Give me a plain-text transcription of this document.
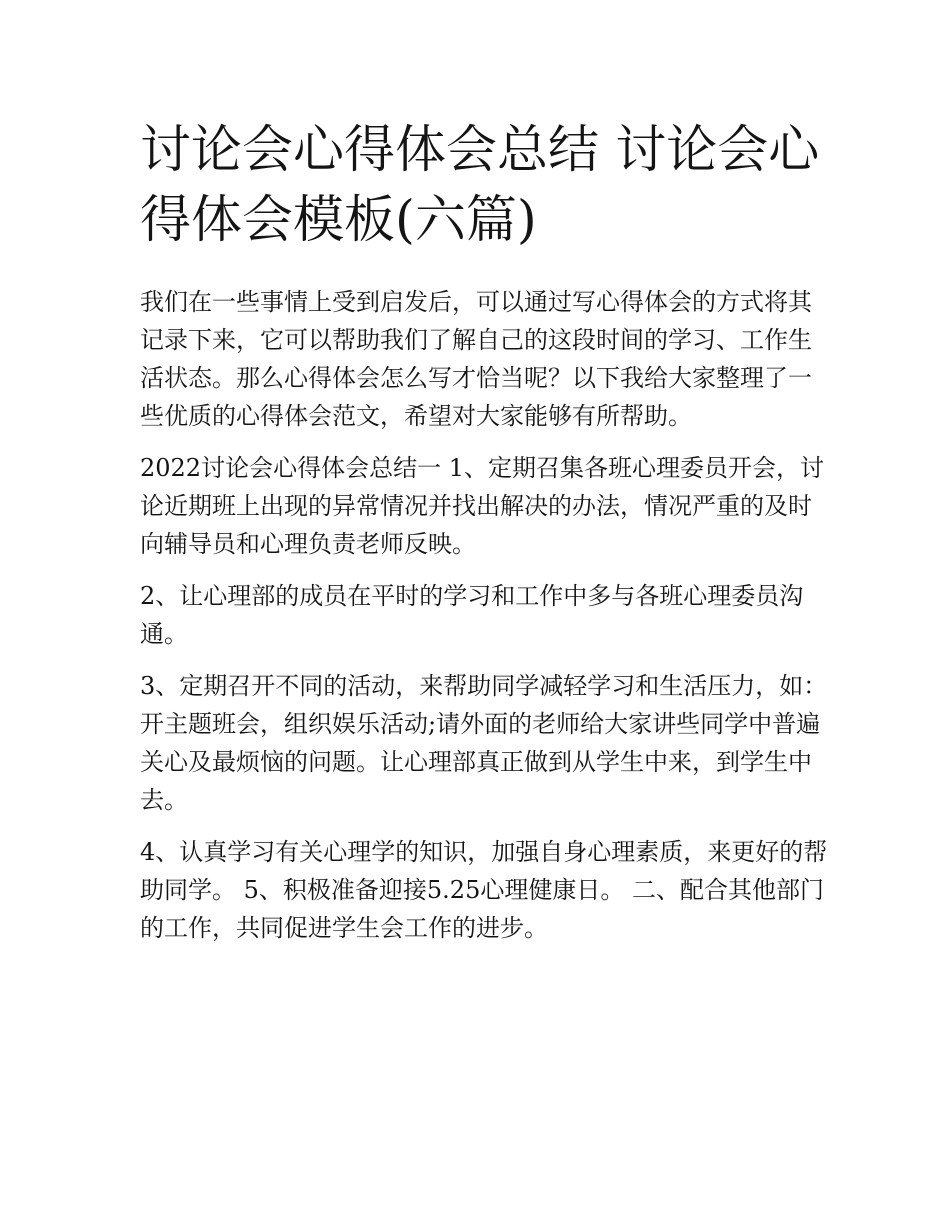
讨论会心得体会总结 讨论会心得体会模板(六篇)

我们在一些事情上受到启发后，可以通过写心得体会的方式将其记录下来，它可以帮助我们了解自己的这段时间的学习、工作生活状态。那么心得体会怎么写才恰当呢？以下我给大家整理了一些优质的心得体会范文，希望对大家能够有所帮助。

2022讨论会心得体会总结一 1、定期召集各班心理委员开会，讨论近期班上出现的异常情况并找出解决的办法，情况严重的及时向辅导员和心理负责老师反映。

2、让心理部的成员在平时的学习和工作中多与各班心理委员沟通。

3、定期召开不同的活动，来帮助同学减轻学习和生活压力，如：开主题班会，组织娱乐活动;请外面的老师给大家讲些同学中普遍关心及最烦恼的问题。让心理部真正做到从学生中来，到学生中去。

4、认真学习有关心理学的知识，加强自身心理素质，来更好的帮助同学。 5、积极准备迎接5.25心理健康日。 二、配合其他部门的工作，共同促进学生会工作的进步。
